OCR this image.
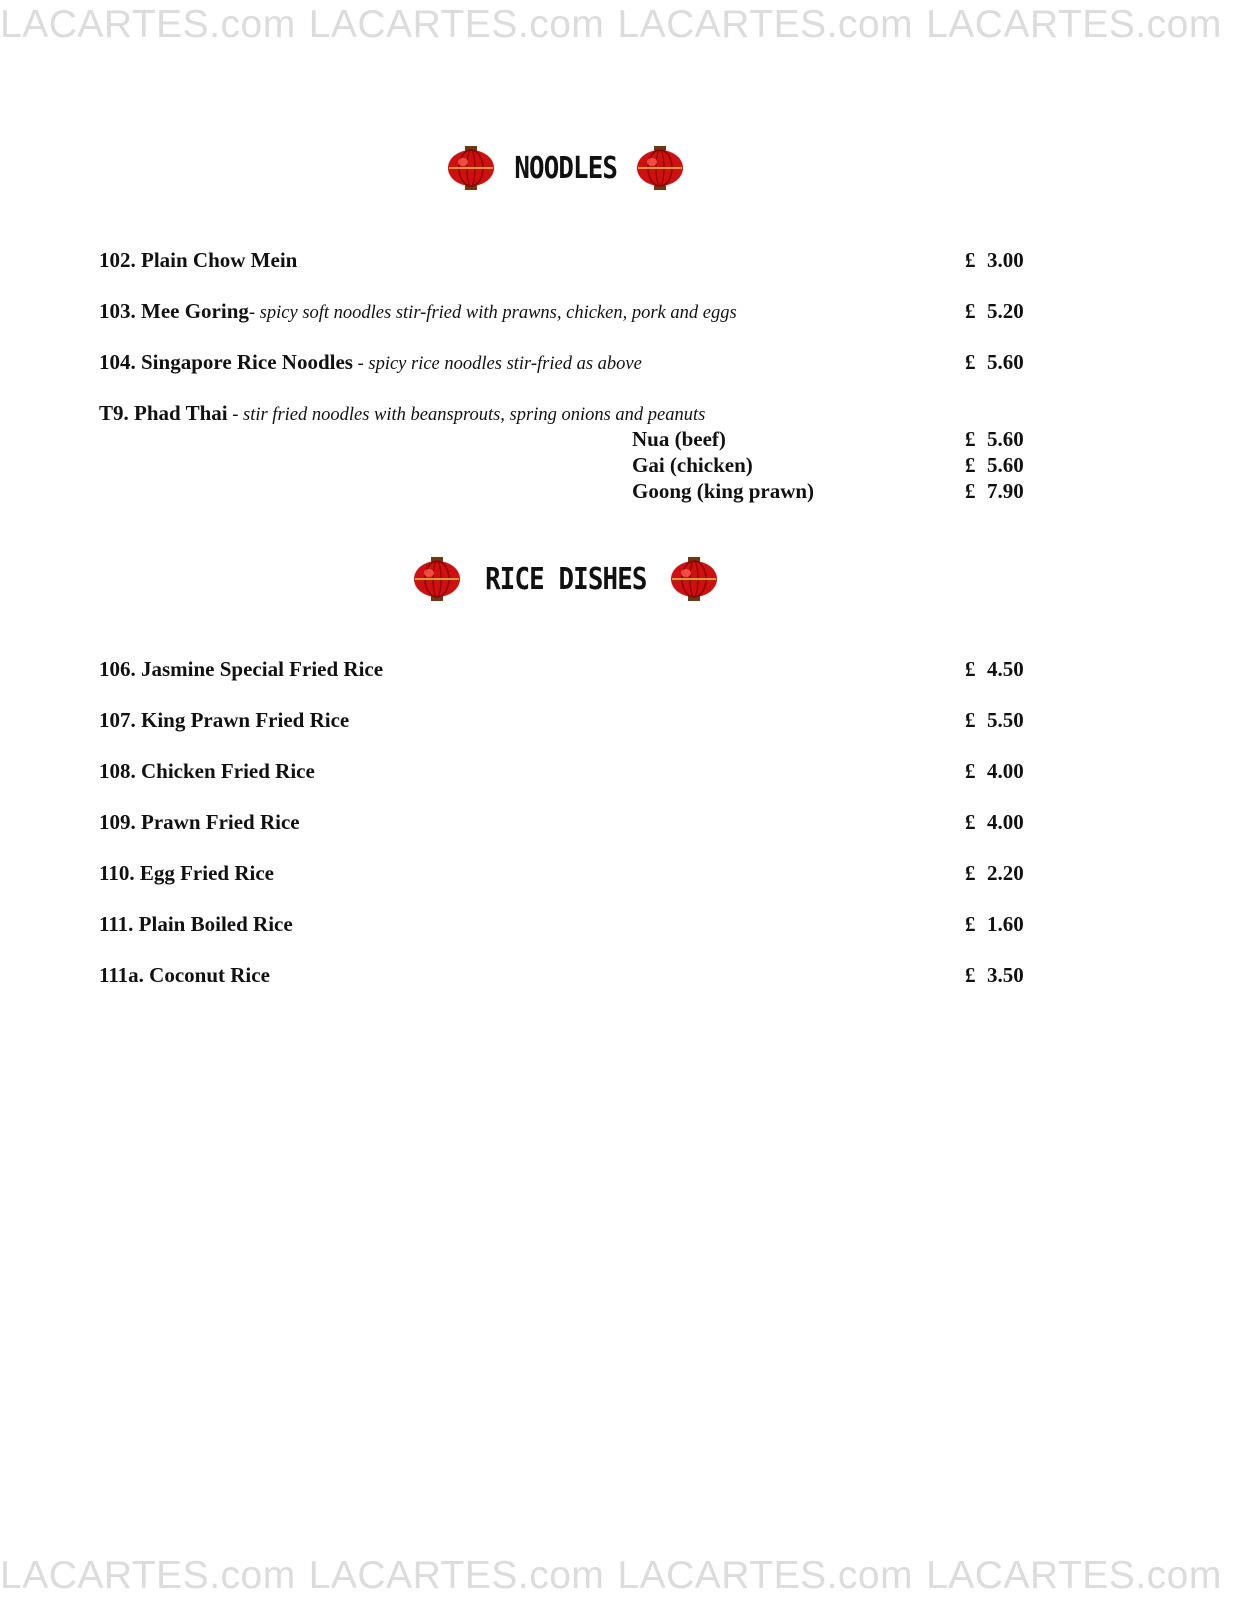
LACARTES.com LACARTES.com LACARTES.com LACARTES.com
LACARTES.com LACARTES.com LACARTES.com LACARTES.com
NOODLES
102. Plain Chow Mein	£ 3.00
103. Mee Goring- spicy soft noodles stir-fried with prawns, chicken, pork and eggs	£ 5.20
104. Singapore Rice Noodles - spicy rice noodles stir-fried as above	£ 5.60
T9. Phad Thai - stir fried noodles with beansprouts, spring onions and peanuts
Nua (beef)	£ 5.60
Gai (chicken)	£ 5.60
Goong (king prawn)	£ 7.90
RICE DISHES
106. Jasmine Special Fried Rice	£ 4.50
107. King Prawn Fried Rice	£ 5.50
108. Chicken Fried Rice	£ 4.00
109. Prawn Fried Rice	£ 4.00
110. Egg Fried Rice	£ 2.20
111. Plain Boiled Rice	£ 1.60
111a. Coconut Rice	£ 3.50
